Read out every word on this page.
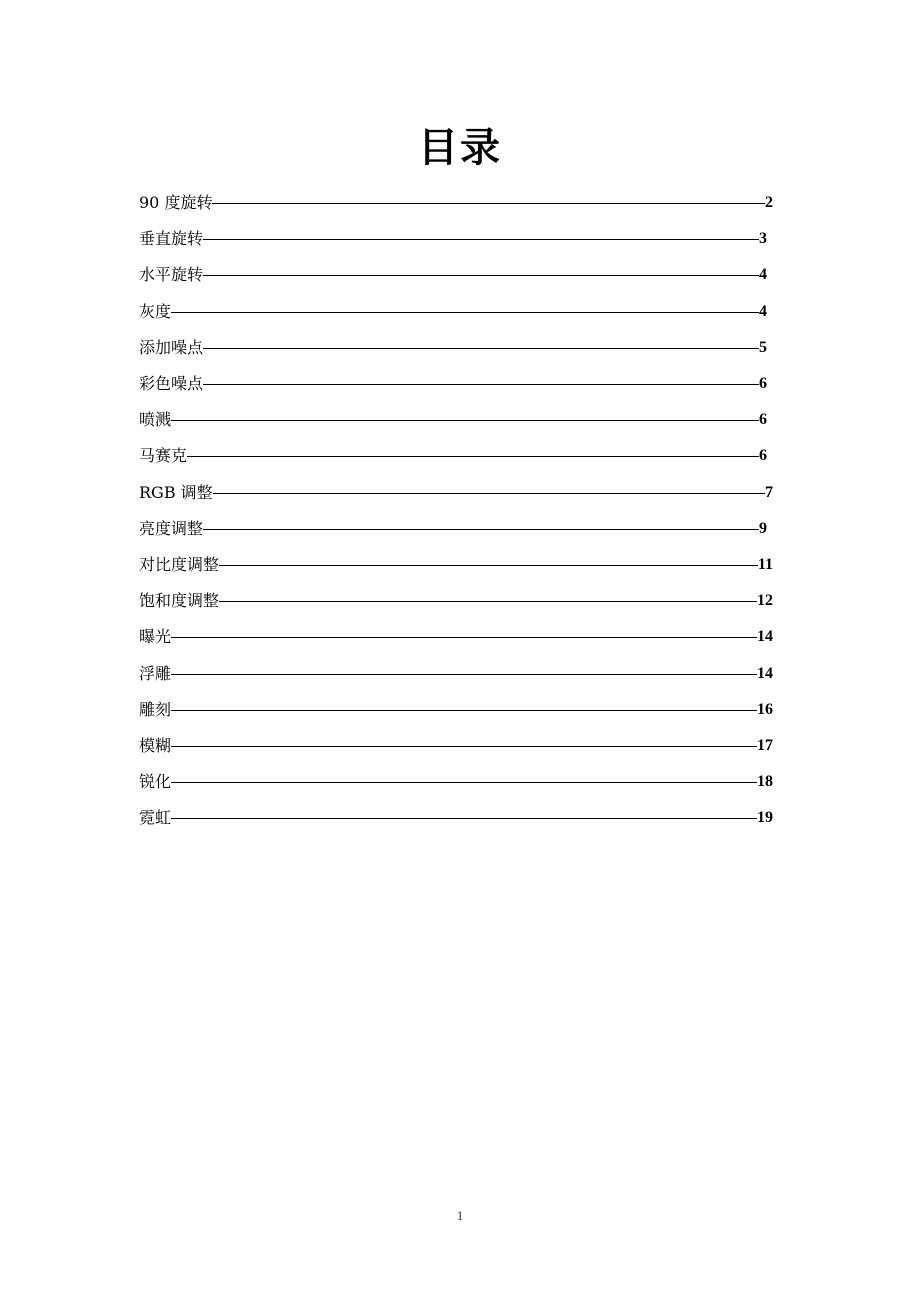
目录
90 度旋转	2
垂直旋转	3
水平旋转	4
灰度	4
添加噪点	5
彩色噪点	6
喷溅	6
马赛克	6
RGB 调整	7
亮度调整	9
对比度调整	11
饱和度调整	12
曝光	14
浮雕	14
雕刻	16
模糊	17
锐化	18
霓虹	19
1
